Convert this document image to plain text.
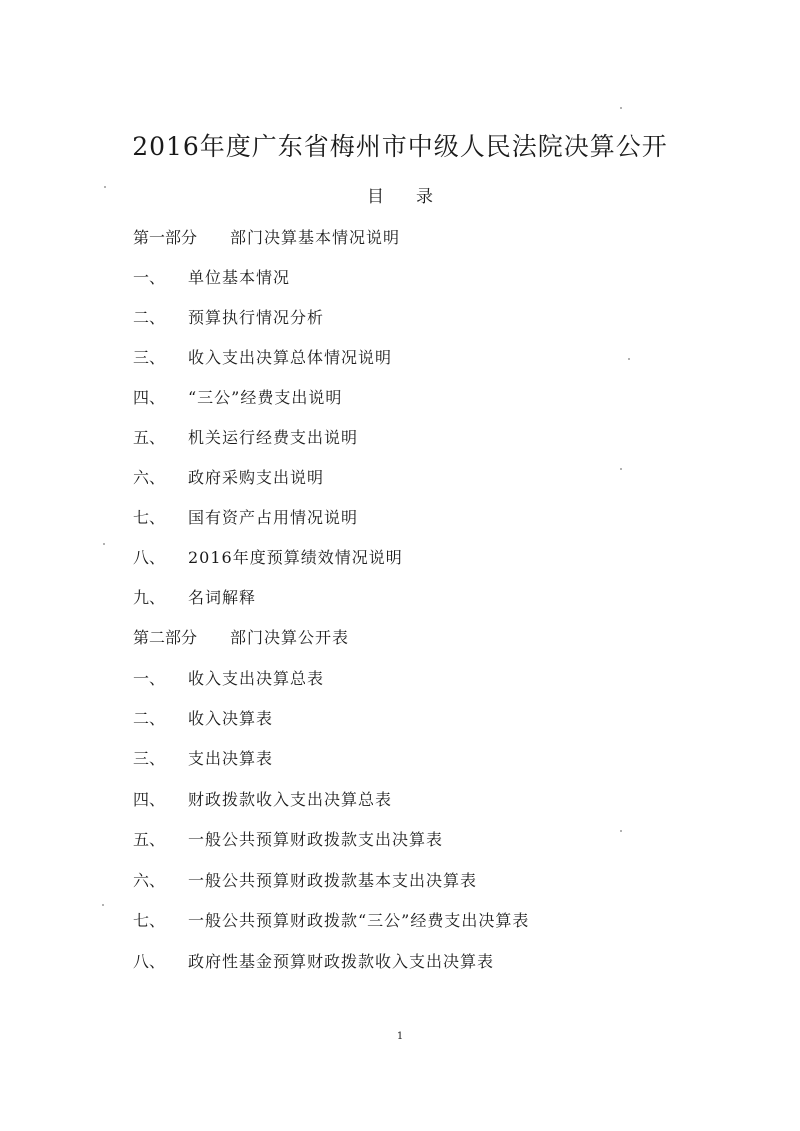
2016年度广东省梅州市中级人民法院决算公开
目录
第一部分 部门决算基本情况说明
一、 单位基本情况
二、 预算执行情况分析
三、 收入支出决算总体情况说明
四、 “三公”经费支出说明
五、 机关运行经费支出说明
六、 政府采购支出说明
七、 国有资产占用情况说明
八、 2016年度预算绩效情况说明
九、 名词解释
第二部分 部门决算公开表
一、 收入支出决算总表
二、 收入决算表
三、 支出决算表
四、 财政拨款收入支出决算总表
五、 一般公共预算财政拨款支出决算表
六、 一般公共预算财政拨款基本支出决算表
七、 一般公共预算财政拨款“三公”经费支出决算表
八、 政府性基金预算财政拨款收入支出决算表
1
